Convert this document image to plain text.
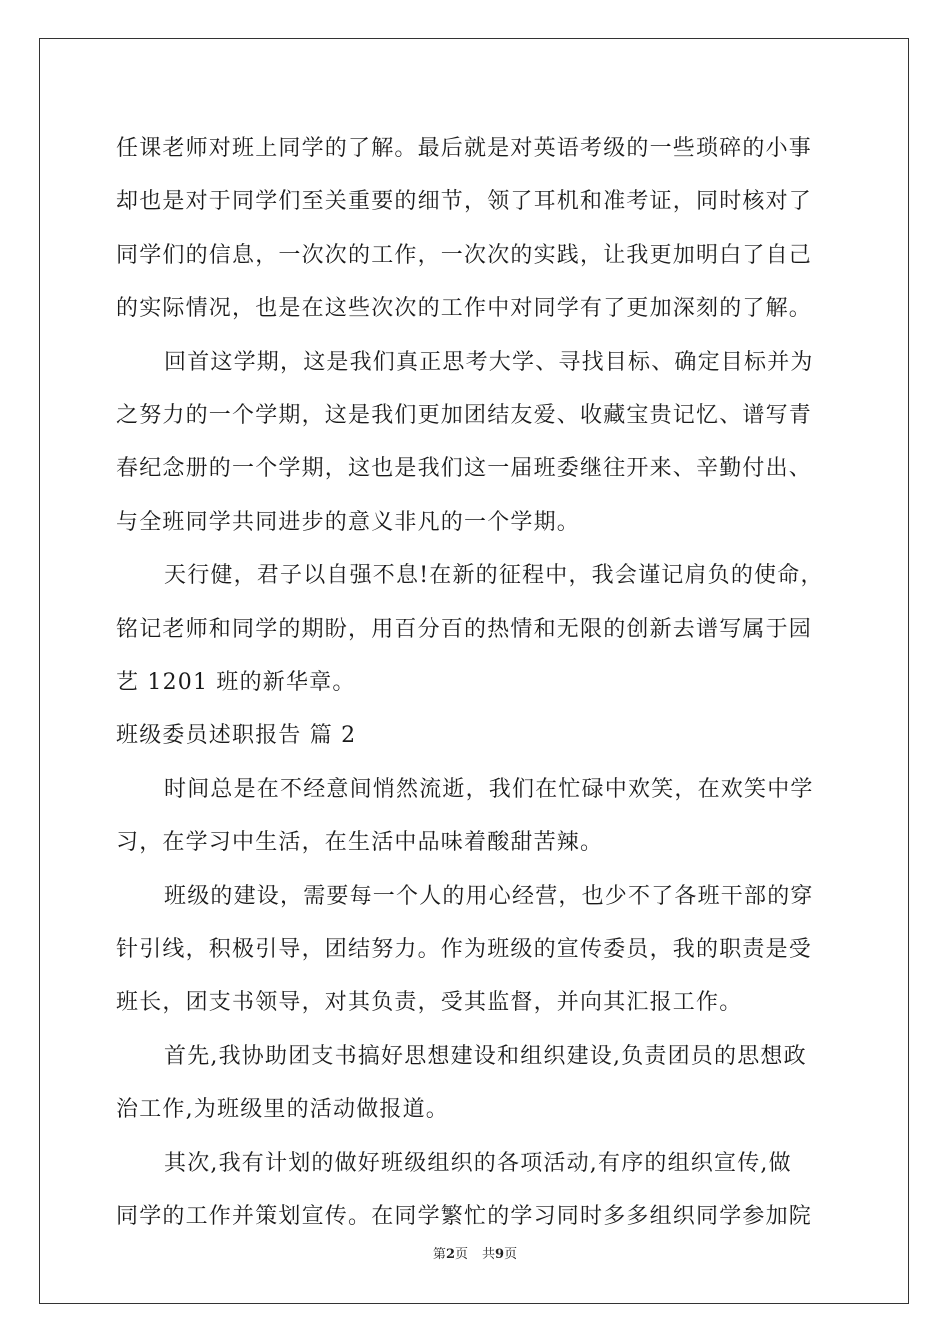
任课老师对班上同学的了解。最后就是对英语考级的一些琐碎的小事
却也是对于同学们至关重要的细节，领了耳机和准考证，同时核对了
同学们的信息，一次次的工作，一次次的实践，让我更加明白了自己
的实际情况，也是在这些次次的工作中对同学有了更加深刻的了解。
回首这学期，这是我们真正思考大学、寻找目标、确定目标并为
之努力的一个学期，这是我们更加团结友爱、收藏宝贵记忆、谱写青
春纪念册的一个学期，这也是我们这一届班委继往开来、辛勤付出、
与全班同学共同进步的意义非凡的一个学期。
天行健，君子以自强不息!在新的征程中，我会谨记肩负的使命，
铭记老师和同学的期盼，用百分百的热情和无限的创新去谱写属于园
艺 1201 班的新华章。
班级委员述职报告 篇 2
时间总是在不经意间悄然流逝，我们在忙碌中欢笑，在欢笑中学
习，在学习中生活，在生活中品味着酸甜苦辣。
班级的建设，需要每一个人的用心经营，也少不了各班干部的穿
针引线，积极引导，团结努力。作为班级的宣传委员，我的职责是受
班长，团支书领导，对其负责，受其监督，并向其汇报工作。
首先,我协助团支书搞好思想建设和组织建设,负责团员的思想政
治工作,为班级里的活动做报道。
其次,我有计划的做好班级组织的各项活动,有序的组织宣传,做
同学的工作并策划宣传。在同学繁忙的学习同时多多组织同学参加院
第2页 共9页
